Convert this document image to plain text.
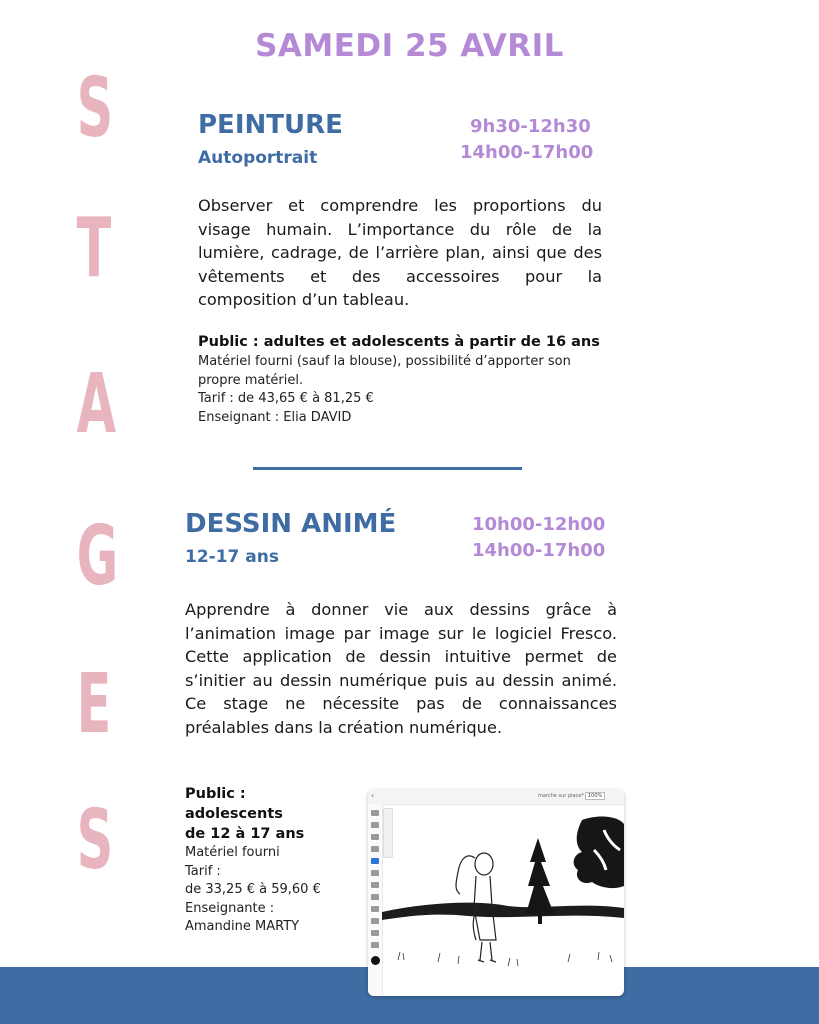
SAMEDI 25 AVRIL
S
T
A
G
E
S
PEINTURE
Autoportrait
9h30-12h30
14h00-17h00
Observer et comprendre les proportions du visage humain. L’importance du rôle de la lumière, cadrage, de l’arrière plan, ainsi que des vêtements et des accessoires pour la composition d’un tableau.
Public : adultes et adolescents à partir de 16 ans
Matériel fourni (sauf la blouse), possibilité d’apporter son propre matériel.
Tarif : de 43,65 € à 81,25 €
Enseignant : Elia DAVID
DESSIN ANIMÉ
12-17 ans
10h00-12h00
14h00-17h00
Apprendre à donner vie aux dessins grâce à l’animation image par image sur le logiciel Fresco. Cette application de dessin intuitive permet de s’initier au dessin numérique puis au dessin animé. Ce stage ne nécessite pas de connaissances préalables dans la création numérique.
Public :
adolescents
de 12 à 17 ans
Matériel fourni
Tarif :
de 33,25 € à 59,60 €
Enseignante :
Amandine MARTY
‹	marche sur place* 100%
